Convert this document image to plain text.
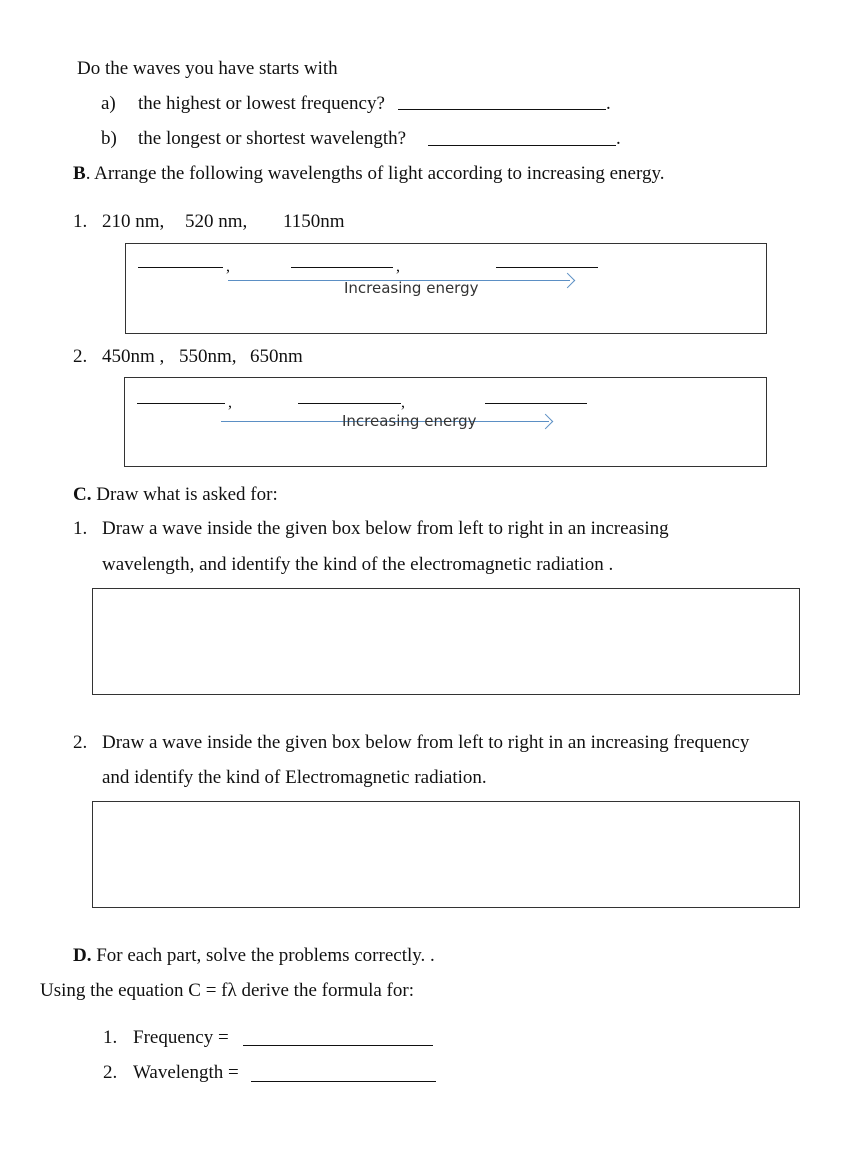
Do the waves you have starts with
a) the highest or lowest frequency?	.
b) the longest or shortest wavelength?	.
B. Arrange the following wavelengths of light according to increasing energy.
1. 210 nm, 520 nm, 1150nm
,	,
Increasing energy
2. 450nm , 550nm, 650nm
,	,
Increasing energy
C. Draw what is asked for:
1. Draw a wave inside the given box below from left to right in an increasing
wavelength, and identify the kind of the electromagnetic radiation .
2. Draw a wave inside the given box below from left to right in an increasing frequency
and identify the kind of Electromagnetic radiation.
D. For each part, solve the problems correctly. .
Using the equation C = fλ derive the formula for:
1. Frequency =
2. Wavelength =
